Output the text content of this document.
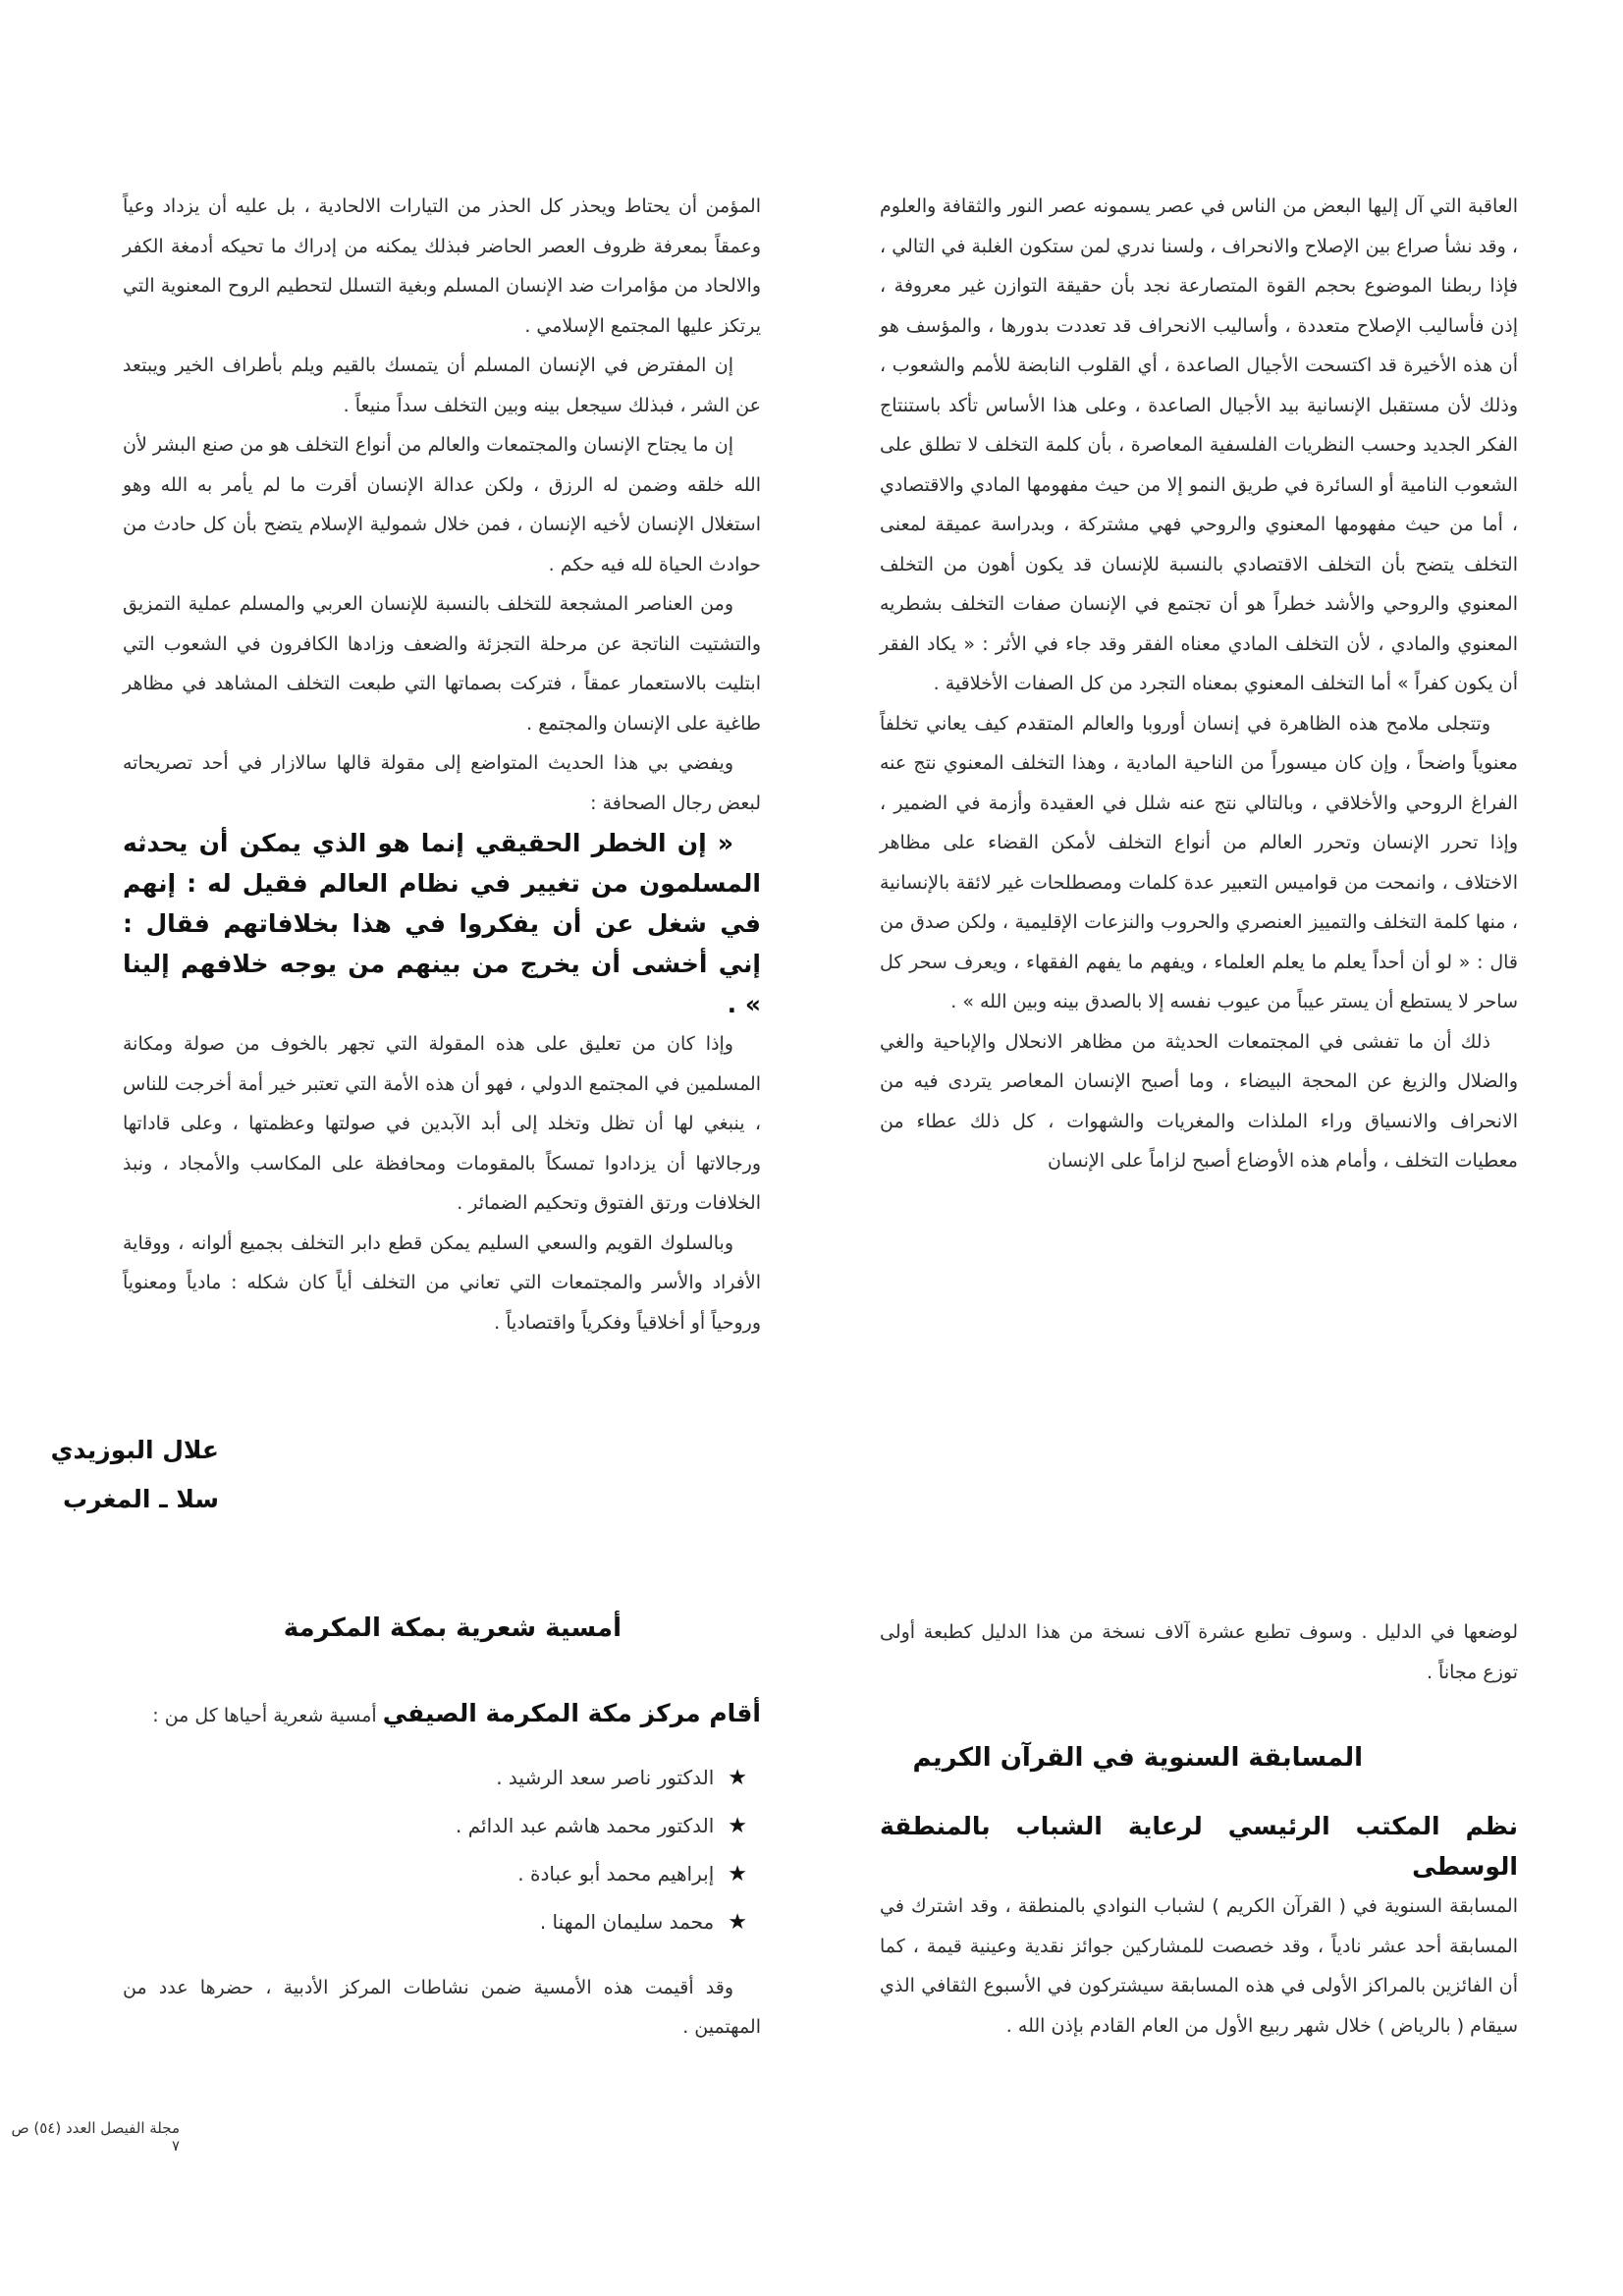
العاقبة التي آل إليها البعض من الناس في عصر يسمونه عصر النور والثقافة والعلوم ، وقد نشأ صراع بين الإصلاح والانحراف ، ولسنا ندري لمن ستكون الغلبة في التالي ، فإذا ربطنا الموضوع بحجم القوة المتصارعة نجد بأن حقيقة التوازن غير معروفة ، إذن فأساليب الإصلاح متعددة ، وأساليب الانحراف قد تعددت بدورها ، والمؤسف هو أن هذه الأخيرة قد اكتسحت الأجيال الصاعدة ، أي القلوب النابضة للأمم والشعوب ، وذلك لأن مستقبل الإنسانية بيد الأجيال الصاعدة ، وعلى هذا الأساس تأكد باستنتاج الفكر الجديد وحسب النظريات الفلسفية المعاصرة ، بأن كلمة التخلف لا تطلق على الشعوب النامية أو السائرة في طريق النمو إلا من حيث مفهومها المادي والاقتصادي ، أما من حيث مفهومها المعنوي والروحي فهي مشتركة ، وبدراسة عميقة لمعنى التخلف يتضح بأن التخلف الاقتصادي بالنسبة للإنسان قد يكون أهون من التخلف المعنوي والروحي والأشد خطراً هو أن تجتمع في الإنسان صفات التخلف بشطريه المعنوي والمادي ، لأن التخلف المادي معناه الفقر وقد جاء في الأثر : « يكاد الفقر أن يكون كفراً » أما التخلف المعنوي بمعناه التجرد من كل الصفات الأخلاقية .

وتتجلى ملامح هذه الظاهرة في إنسان أوروبا والعالم المتقدم كيف يعاني تخلفاً معنوياً واضحاً ، وإن كان ميسوراً من الناحية المادية ، وهذا التخلف المعنوي نتج عنه الفراغ الروحي والأخلاقي ، وبالتالي نتج عنه شلل في العقيدة وأزمة في الضمير ، وإذا تحرر الإنسان وتحرر العالم من أنواع التخلف لأمكن القضاء على مظاهر الاختلاف ، وانمحت من قواميس التعبير عدة كلمات ومصطلحات غير لائقة بالإنسانية ، منها كلمة التخلف والتمييز العنصري والحروب والنزعات الإقليمية ، ولكن صدق من قال : « لو أن أحداً يعلم ما يعلم العلماء ، ويفهم ما يفهم الفقهاء ، ويعرف سحر كل ساحر لا يستطع أن يستر عيباً من عيوب نفسه إلا بالصدق بينه وبين الله » .

ذلك أن ما تفشى في المجتمعات الحديثة من مظاهر الانحلال والإباحية والغي والضلال والزيغ عن المحجة البيضاء ، وما أصبح الإنسان المعاصر يتردى فيه من الانحراف والانسياق وراء الملذات والمغريات والشهوات ، كل ذلك عطاء من معطيات التخلف ، وأمام هذه الأوضاع أصبح لزاماً على الإنسان

المؤمن أن يحتاط ويحذر كل الحذر من التيارات الالحادية ، بل عليه أن يزداد وعياً وعمقاً بمعرفة ظروف العصر الحاضر فبذلك يمكنه من إدراك ما تحيكه أدمغة الكفر والالحاد من مؤامرات ضد الإنسان المسلم وبغية التسلل لتحطيم الروح المعنوية التي يرتكز عليها المجتمع الإسلامي .

إن المفترض في الإنسان المسلم أن يتمسك بالقيم ويلم بأطراف الخير ويبتعد عن الشر ، فبذلك سيجعل بينه وبين التخلف سداً منيعاً .

إن ما يجتاح الإنسان والمجتمعات والعالم من أنواع التخلف هو من صنع البشر لأن الله خلقه وضمن له الرزق ، ولكن عدالة الإنسان أقرت ما لم يأمر به الله وهو استغلال الإنسان لأخيه الإنسان ، فمن خلال شمولية الإسلام يتضح بأن كل حادث من حوادث الحياة لله فيه حكم .

ومن العناصر المشجعة للتخلف بالنسبة للإنسان العربي والمسلم عملية التمزيق والتشتيت الناتجة عن مرحلة التجزئة والضعف وزادها الكافرون في الشعوب التي ابتليت بالاستعمار عمقاً ، فتركت بصماتها التي طبعت التخلف المشاهد في مظاهر طاغية على الإنسان والمجتمع .

ويفضي بي هذا الحديث المتواضع إلى مقولة قالها سالازار في أحد تصريحاته لبعض رجال الصحافة :

« إن الخطر الحقيقي إنما هو الذي يمكن أن يحدثه المسلمون من تغيير في نظام العالم فقيل له : إنهم في شغل عن أن يفكروا في هذا بخلافاتهم فقال : إني أخشى أن يخرج من بينهم من يوجه خلافهم إلينا » .

وإذا كان من تعليق على هذه المقولة التي تجهر بالخوف من صولة ومكانة المسلمين في المجتمع الدولي ، فهو أن هذه الأمة التي تعتبر خير أمة أخرجت للناس ، ينبغي لها أن تظل وتخلد إلى أبد الآبدين في صولتها وعظمتها ، وعلى قاداتها ورجالاتها أن يزدادوا تمسكاً بالمقومات ومحافظة على المكاسب والأمجاد ، ونبذ الخلافات ورتق الفتوق وتحكيم الضمائر .

وبالسلوك القويم والسعي السليم يمكن قطع دابر التخلف بجميع ألوانه ، ووقاية الأفراد والأسر والمجتمعات التي تعاني من التخلف أياً كان شكله : مادياً ومعنوياً وروحياً أو أخلاقياً وفكرياً واقتصادياً .

علال البوزيدي
سلا ـ المغرب

لوضعها في الدليل . وسوف تطبع عشرة آلاف نسخة من هذا الدليل كطبعة أولى توزع مجاناً .

المسابقة السنوية في القرآن الكريم

نظم المكتب الرئيسي لرعاية الشباب بالمنطقة الوسطى

المسابقة السنوية في ( القرآن الكريم ) لشباب النوادي بالمنطقة ، وقد اشترك في المسابقة أحد عشر نادياً ، وقد خصصت للمشاركين جوائز نقدية وعينية قيمة ، كما أن الفائزين بالمراكز الأولى في هذه المسابقة سيشتركون في الأسبوع الثقافي الذي سيقام ( بالرياض ) خلال شهر ربيع الأول من العام القادم بإذن الله .

أمسية شعرية بمكة المكرمة

أقام مركز مكة المكرمة الصيفي أمسية شعرية أحياها كل من :

★الدكتور ناصر سعد الرشيد .
★الدكتور محمد هاشم عبد الدائم .
★إبراهيم محمد أبو عبادة .
★محمد سليمان المهنا .

وقد أقيمت هذه الأمسية ضمن نشاطات المركز الأدبية ، حضرها عدد من المهتمين .

مجلة الفيصل العدد (٥٤) ص ٧
